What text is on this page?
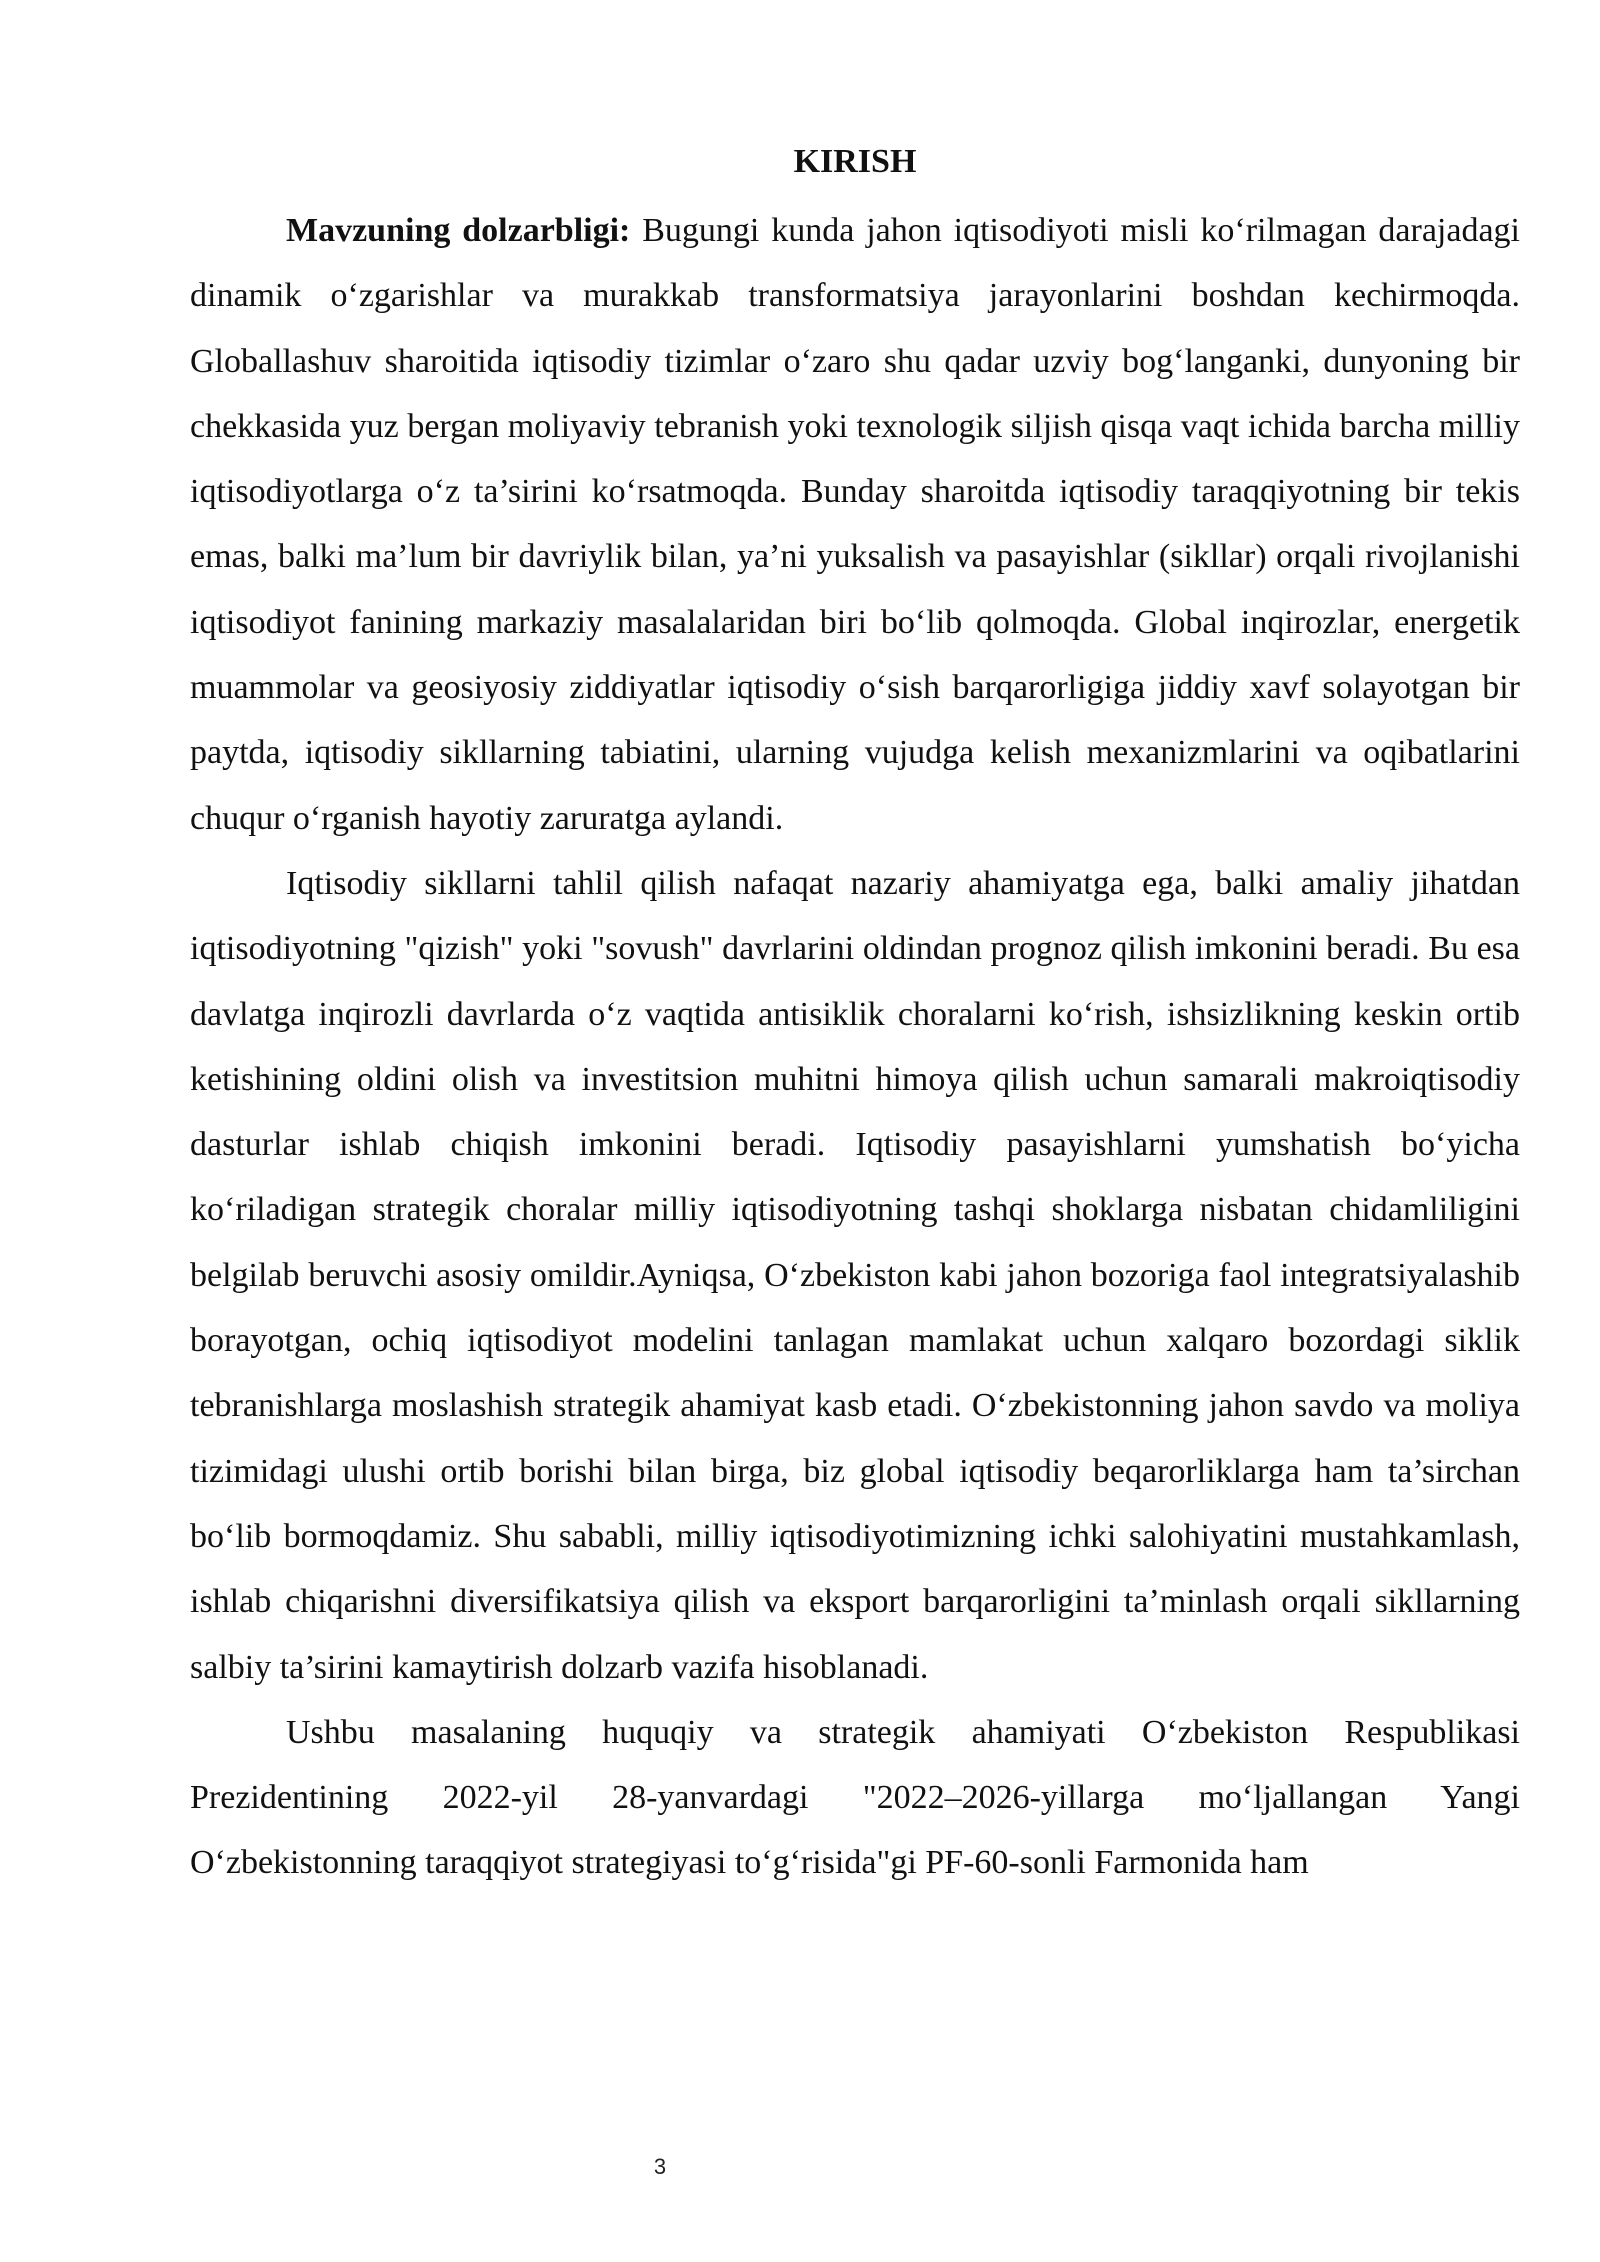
KIRISH

Mavzuning dolzarbligi: Bugungi kunda jahon iqtisodiyoti misli ko‘rilmagan darajadagi dinamik o‘zgarishlar va murakkab transformatsiya jarayonlarini boshdan kechirmoqda. Globallashuv sharoitida iqtisodiy tizimlar o‘zaro shu qadar uzviy bog‘langanki, dunyoning bir chekkasida yuz bergan moliyaviy tebranish yoki texnologik siljish qisqa vaqt ichida barcha milliy iqtisodiyotlarga o‘z ta’sirini ko‘rsatmoqda. Bunday sharoitda iqtisodiy taraqqiyotning bir tekis emas, balki ma’lum bir davriylik bilan, ya’ni yuksalish va pasayishlar (sikllar) orqali rivojlanishi iqtisodiyot fanining markaziy masalalaridan biri bo‘lib qolmoqda. Global inqirozlar, energetik muammolar va geosiyosiy ziddiyatlar iqtisodiy o‘sish barqarorligiga jiddiy xavf solayotgan bir paytda, iqtisodiy sikllarning tabiatini, ularning vujudga kelish mexanizmlarini va oqibatlarini chuqur o‘rganish hayotiy zaruratga aylandi.

Iqtisodiy sikllarni tahlil qilish nafaqat nazariy ahamiyatga ega, balki amaliy jihatdan iqtisodiyotning "qizish" yoki "sovush" davrlarini oldindan prognoz qilish imkonini beradi. Bu esa davlatga inqirozli davrlarda o‘z vaqtida antisiklik choralarni ko‘rish, ishsizlikning keskin ortib ketishining oldini olish va investitsion muhitni himoya qilish uchun samarali makroiqtisodiy dasturlar ishlab chiqish imkonini beradi. Iqtisodiy pasayishlarni yumshatish bo‘yicha ko‘riladigan strategik choralar milliy iqtisodiyotning tashqi shoklarga nisbatan chidamliligini belgilab beruvchi asosiy omildir.Ayniqsa, O‘zbekiston kabi jahon bozoriga faol integratsiyalashib borayotgan, ochiq iqtisodiyot modelini tanlagan mamlakat uchun xalqaro bozordagi siklik tebranishlarga moslashish strategik ahamiyat kasb etadi. O‘zbekistonning jahon savdo va moliya tizimidagi ulushi ortib borishi bilan birga, biz global iqtisodiy beqarorliklarga ham ta’sirchan bo‘lib bormoqdamiz. Shu sababli, milliy iqtisodiyotimizning ichki salohiyatini mustahkamlash, ishlab chiqarishni diversifikatsiya qilish va eksport barqarorligini ta’minlash orqali sikllarning salbiy ta’sirini kamaytirish dolzarb vazifa hisoblanadi.

Ushbu masalaning huquqiy va strategik ahamiyati O‘zbekiston Respublikasi Prezidentining 2022-yil 28-yanvardagi "2022–2026-yillarga mo‘ljallangan Yangi O‘zbekistonning taraqqiyot strategiyasi to‘g‘risida"gi PF-60-sonli Farmonida ham

3
